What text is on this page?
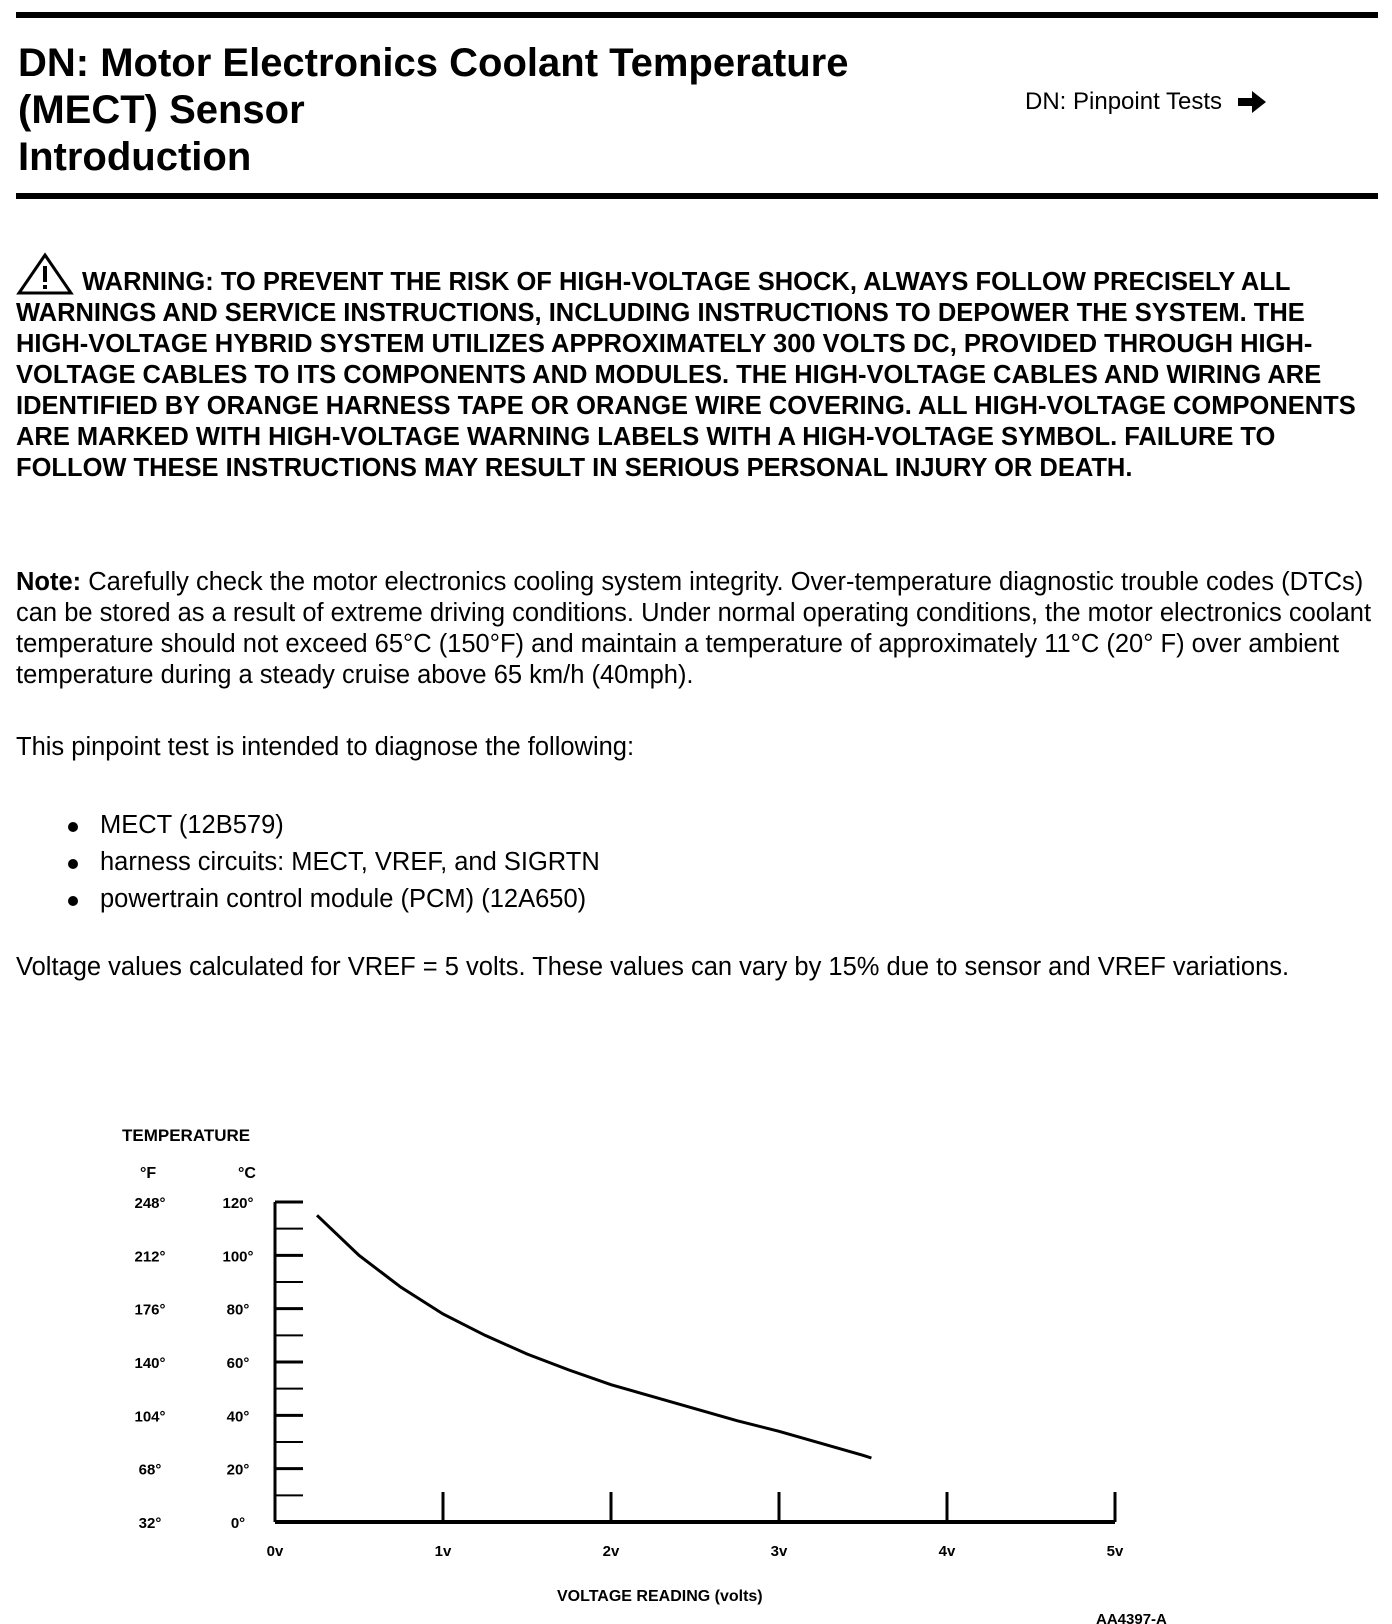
DN: Motor Electronics Coolant Temperature
(MECT) Sensor
Introduction
DN: Pinpoint Tests

WARNING: TO PREVENT THE RISK OF HIGH-VOLTAGE SHOCK, ALWAYS FOLLOW PRECISELY ALL WARNINGS AND SERVICE INSTRUCTIONS, INCLUDING INSTRUCTIONS TO DEPOWER THE SYSTEM. THE HIGH-VOLTAGE HYBRID SYSTEM UTILIZES APPROXIMATELY 300 VOLTS DC, PROVIDED THROUGH HIGH-VOLTAGE CABLES TO ITS COMPONENTS AND MODULES. THE HIGH-VOLTAGE CABLES AND WIRING ARE IDENTIFIED BY ORANGE HARNESS TAPE OR ORANGE WIRE COVERING. ALL HIGH-VOLTAGE COMPONENTS ARE MARKED WITH HIGH-VOLTAGE WARNING LABELS WITH A HIGH-VOLTAGE SYMBOL. FAILURE TO FOLLOW THESE INSTRUCTIONS MAY RESULT IN SERIOUS PERSONAL INJURY OR DEATH.

Note: Carefully check the motor electronics cooling system integrity. Over-temperature diagnostic trouble codes (DTCs) can be stored as a result of extreme driving conditions. Under normal operating conditions, the motor electronics coolant temperature should not exceed 65°C (150°F) and maintain a temperature of approximately 11°C (20° F) over ambient temperature during a steady cruise above 65 km/h (40mph).

This pinpoint test is intended to diagnose the following:

MECT (12B579)
harness circuits: MECT, VREF, and SIGRTN
powertrain control module (PCM) (12A650)

Voltage values calculated for VREF = 5 volts. These values can vary by 15% due to sensor and VREF variations.

TEMPERATURE
°F	°C
0°
32°
20°
68°
40°
104°
60°
140°
80°
176°
100°
212°
120°
248°
0v	1v	2v	3v	4v	5v
VOLTAGE READING (volts)
AA4397-A
